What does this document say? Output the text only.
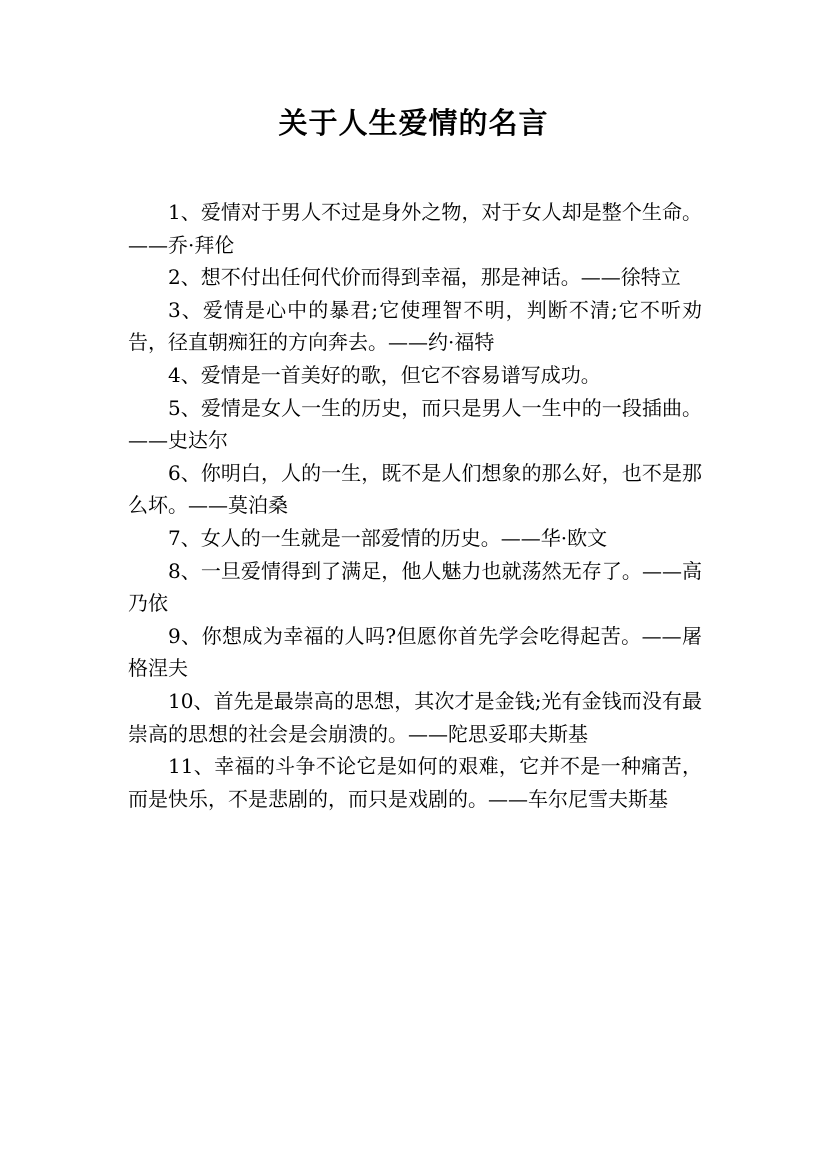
关于人生爱情的名言

1、爱情对于男人不过是身外之物，对于女人却是整个生命。——乔·拜伦

2、想不付出任何代价而得到幸福，那是神话。——徐特立

3、爱情是心中的暴君;它使理智不明，判断不清;它不听劝告，径直朝痴狂的方向奔去。——约·福特

4、爱情是一首美好的歌，但它不容易谱写成功。

5、爱情是女人一生的历史，而只是男人一生中的一段插曲。——史达尔

6、你明白，人的一生，既不是人们想象的那么好，也不是那么坏。——莫泊桑

7、女人的一生就是一部爱情的历史。——华·欧文

8、一旦爱情得到了满足，他人魅力也就荡然无存了。——高乃依

9、你想成为幸福的人吗?但愿你首先学会吃得起苦。——屠格涅夫

10、首先是最崇高的思想，其次才是金钱;光有金钱而没有最崇高的思想的社会是会崩溃的。——陀思妥耶夫斯基

11、幸福的斗争不论它是如何的艰难，它并不是一种痛苦，而是快乐，不是悲剧的，而只是戏剧的。——车尔尼雪夫斯基
